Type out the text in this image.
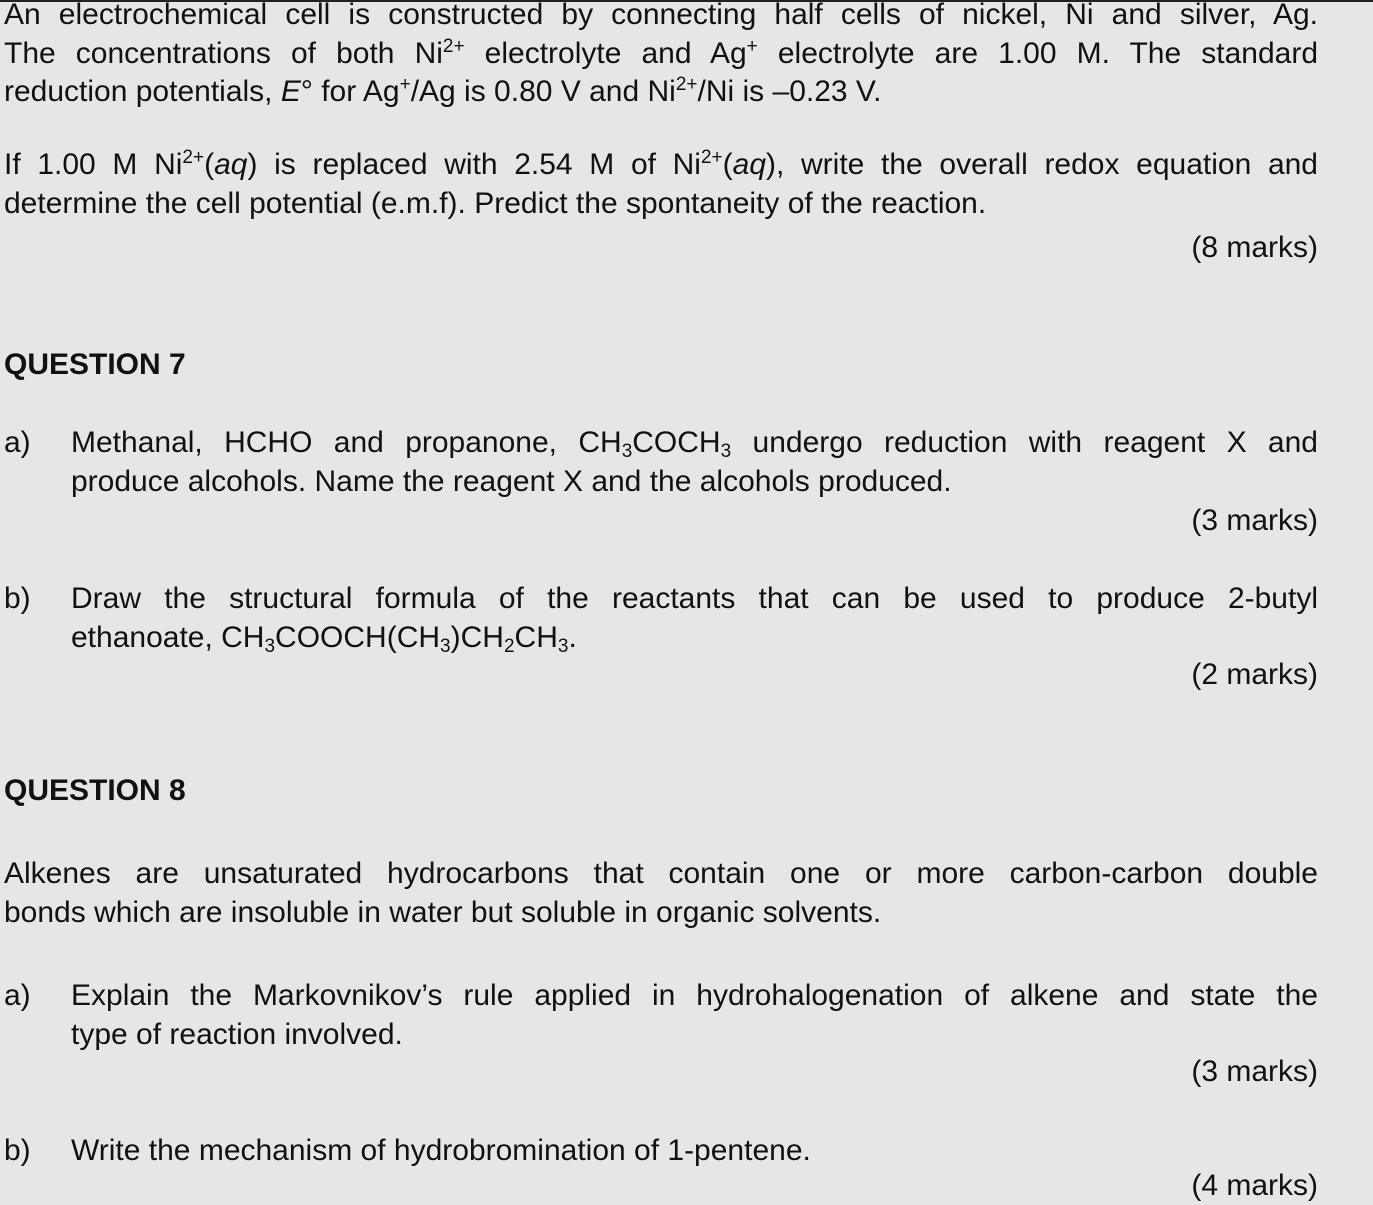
An electrochemical cell is constructed by connecting half cells of nickel, Ni and silver, Ag.
The concentrations of both $Ni^{2+}$ electrolyte and Ag+ electrolyte are 1.00 M. The standard
reduction potentials, E° for Ag+/Ag is 0.80 V and $Ni^{2+}/Ni$ is –0.23 V.
If 1.00 M $Ni^{2+}(aq)$ is replaced with 2.54 M of $Ni^{2+}(aq)$, write the overall redox equation and
determine the cell potential (e.m.f). Predict the spontaneity of the reaction.
(8 marks)
QUESTION 7
a) Methanal, HCHO and propanone, $CH_3COCH_3$ undergo reduction with reagent X and
produce alcohols. Name the reagent X and the alcohols produced.
(3 marks)
b) Draw the structural formula of the reactants that can be used to produce 2-butyl
ethanoate, $CH_3COOCH(CH_3)CH_2CH_3$.
(2 marks)
QUESTION 8
Alkenes are unsaturated hydrocarbons that contain one or more carbon-carbon double
bonds which are insoluble in water but soluble in organic solvents.
a) Explain the Markovnikov’s rule applied in hydrohalogenation of alkene and state the
type of reaction involved.
(3 marks)
b) Write the mechanism of hydrobromination of 1-pentene.
(4 marks)
